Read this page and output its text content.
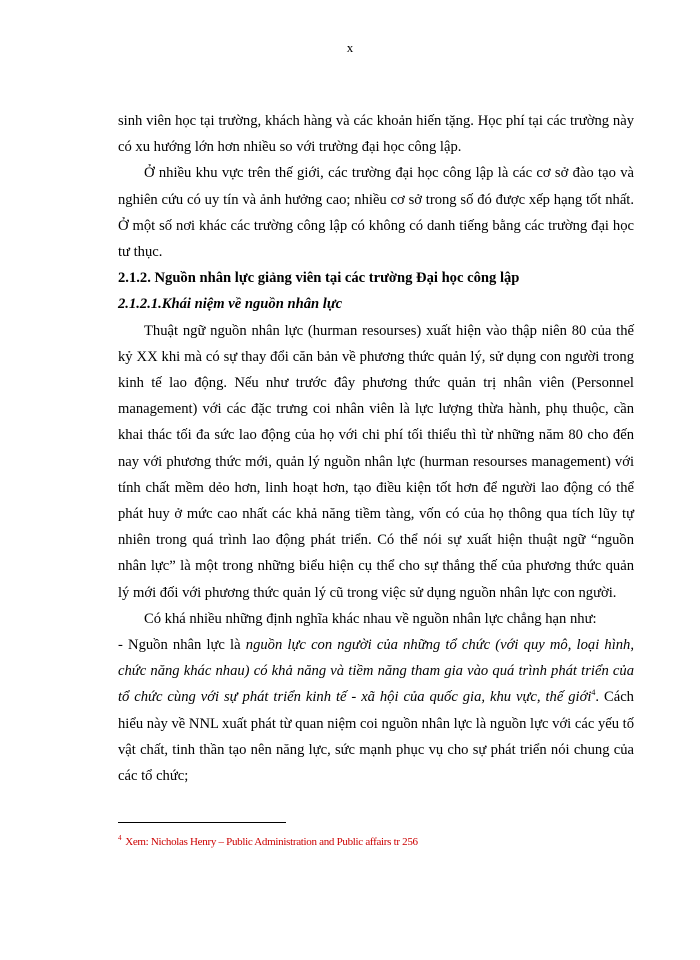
x

sinh viên học tại trường, khách hàng và các khoản hiến tặng. Học phí tại các trường này có xu hướng lớn hơn nhiều so với trường đại học công lập.

Ở nhiều khu vực trên thế giới, các trường đại học công lập là các cơ sở đào tạo và nghiên cứu có uy tín và ảnh hưởng cao; nhiều cơ sở trong số đó được xếp hạng tốt nhất. Ở một số nơi khác các trường công lập có không có danh tiếng bằng các trường đại học tư thục.

2.1.2. Nguồn nhân lực giảng viên tại các trường Đại học công lập

2.1.2.1.Khái niệm về nguồn nhân lực

Thuật ngữ nguồn nhân lực (hurman resourses) xuất hiện vào thập niên 80 của thế kỷ XX khi mà có sự thay đổi căn bản về phương thức quản lý, sử dụng con người trong kinh tế lao động. Nếu như trước đây phương thức quản trị nhân viên (Personnel management) với các đặc trưng coi nhân viên là lực lượng thừa hành, phụ thuộc, cần khai thác tối đa sức lao động của họ với chi phí tối thiểu thì từ những năm 80 cho đến nay với phương thức mới, quản lý nguồn nhân lực (hurman resourses management) với tính chất mềm dẻo hơn, linh hoạt hơn, tạo điều kiện tốt hơn để người lao động có thể phát huy ở mức cao nhất các khả năng tiềm tàng, vốn có của họ thông qua tích lũy tự nhiên trong quá trình lao động phát triển. Có thể nói sự xuất hiện thuật ngữ “nguồn nhân lực” là một trong những biểu hiện cụ thể cho sự thắng thế của phương thức quản lý mới đối với phương thức quản lý cũ trong việc sử dụng nguồn nhân lực con người.

Có khá nhiều những định nghĩa khác nhau về nguồn nhân lực chẳng hạn như:

- Nguồn nhân lực là nguồn lực con người của những tổ chức (với quy mô, loại hình, chức năng khác nhau) có khả năng và tiềm năng tham gia vào quá trình phát triển của tổ chức cùng với sự phát triển kinh tế - xã hội của quốc gia, khu vực, thế giới$^4$. Cách hiểu này về NNL xuất phát từ quan niệm coi nguồn nhân lực là nguồn lực với các yếu tố vật chất, tinh thần tạo nên năng lực, sức mạnh phục vụ cho sự phát triển nói chung của các tổ chức;

$^4$ Xem: Nicholas Henry – Public Administration and Public affairs tr 256
